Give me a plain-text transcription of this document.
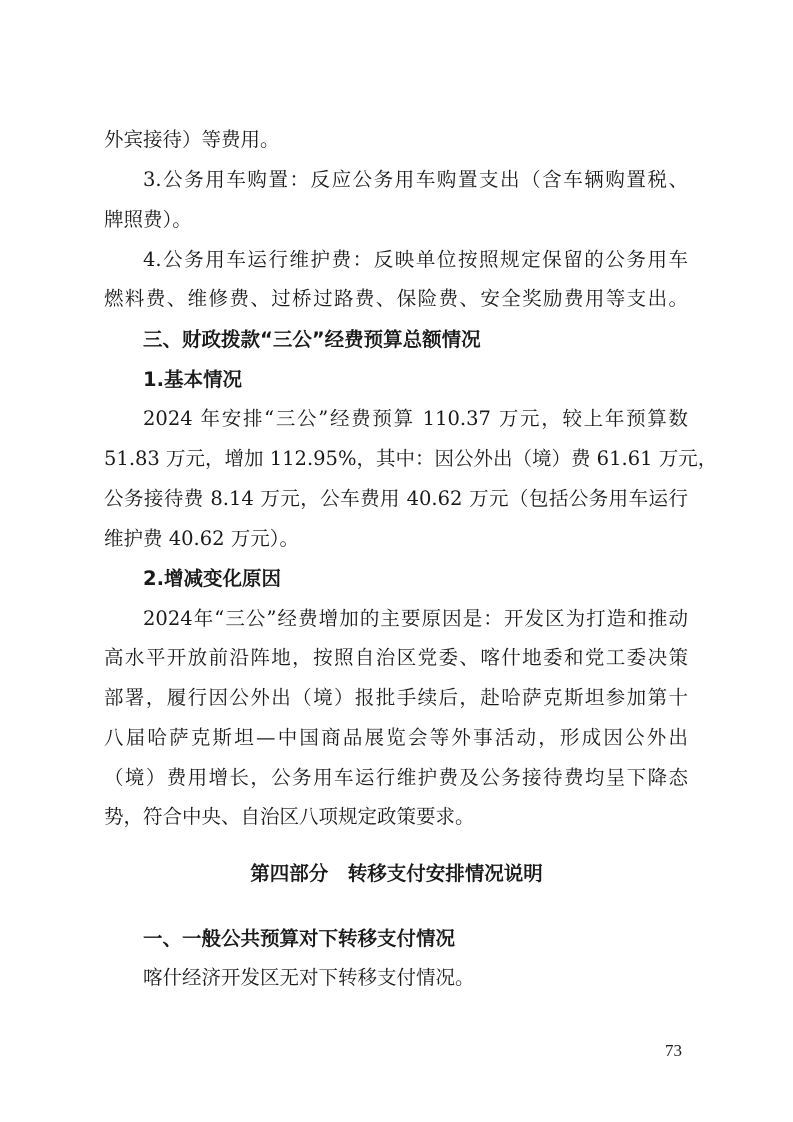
外宾接待）等费用。
3.公务用车购置：反应公务用车购置支出（含车辆购置税、
牌照费）。
4.公务用车运行维护费：反映单位按照规定保留的公务用车
燃料费、维修费、过桥过路费、保险费、安全奖励费用等支出。
三、财政拨款“三公”经费预算总额情况
1.基本情况
2024 年安排“三公”经费预算 110.37 万元，较上年预算数
51.83 万元，增加 112.95%，其中：因公外出（境）费 61.61 万元，
公务接待费 8.14 万元，公车费用 40.62 万元（包括公务用车运行
维护费 40.62 万元）。
2.增减变化原因
2024年“三公”经费增加的主要原因是：开发区为打造和推动
高水平开放前沿阵地，按照自治区党委、喀什地委和党工委决策
部署，履行因公外出（境）报批手续后，赴哈萨克斯坦参加第十
八届哈萨克斯坦—中国商品展览会等外事活动，形成因公外出
（境）费用增长，公务用车运行维护费及公务接待费均呈下降态
势，符合中央、自治区八项规定政策要求。
第四部分　转移支付安排情况说明
一、一般公共预算对下转移支付情况
喀什经济开发区无对下转移支付情况。
73
